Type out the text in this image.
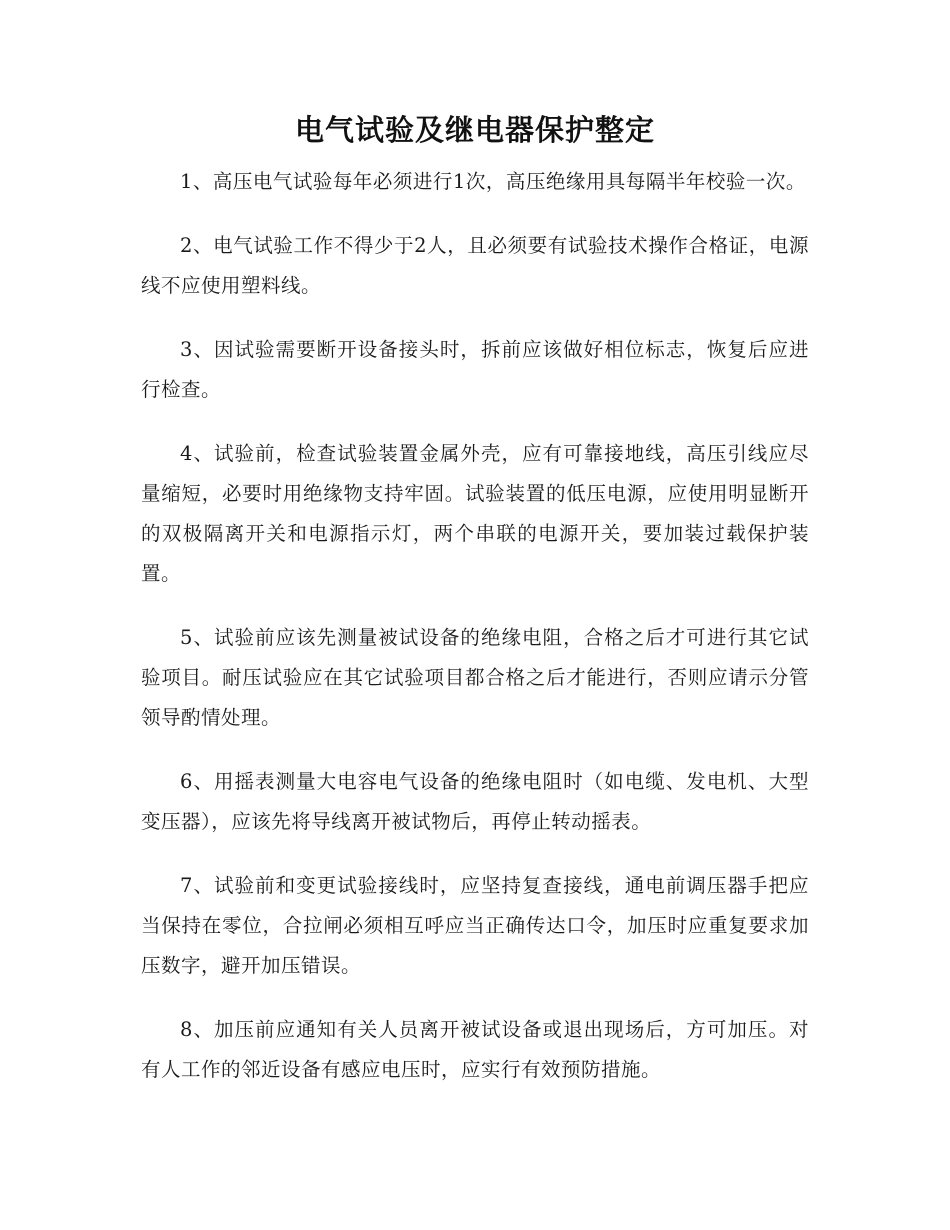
电气试验及继电器保护整定

1、高压电气试验每年必须进行1次，高压绝缘用具每隔半年校验一次。

2、电气试验工作不得少于2人，且必须要有试验技术操作合格证，电源线不应使用塑料线。

3、因试验需要断开设备接头时，拆前应该做好相位标志，恢复后应进行检查。

4、试验前，检查试验装置金属外壳，应有可靠接地线，高压引线应尽量缩短，必要时用绝缘物支持牢固。试验装置的低压电源，应使用明显断开的双极隔离开关和电源指示灯，两个串联的电源开关，要加装过载保护装置。

5、试验前应该先测量被试设备的绝缘电阻，合格之后才可进行其它试验项目。耐压试验应在其它试验项目都合格之后才能进行，否则应请示分管领导酌情处理。

6、用摇表测量大电容电气设备的绝缘电阻时（如电缆、发电机、大型变压器），应该先将导线离开被试物后，再停止转动摇表。

7、试验前和变更试验接线时，应坚持复查接线，通电前调压器手把应当保持在零位，合拉闸必须相互呼应当正确传达口令，加压时应重复要求加压数字，避开加压错误。

8、加压前应通知有关人员离开被试设备或退出现场后，方可加压。对有人工作的邻近设备有感应电压时，应实行有效预防措施。
